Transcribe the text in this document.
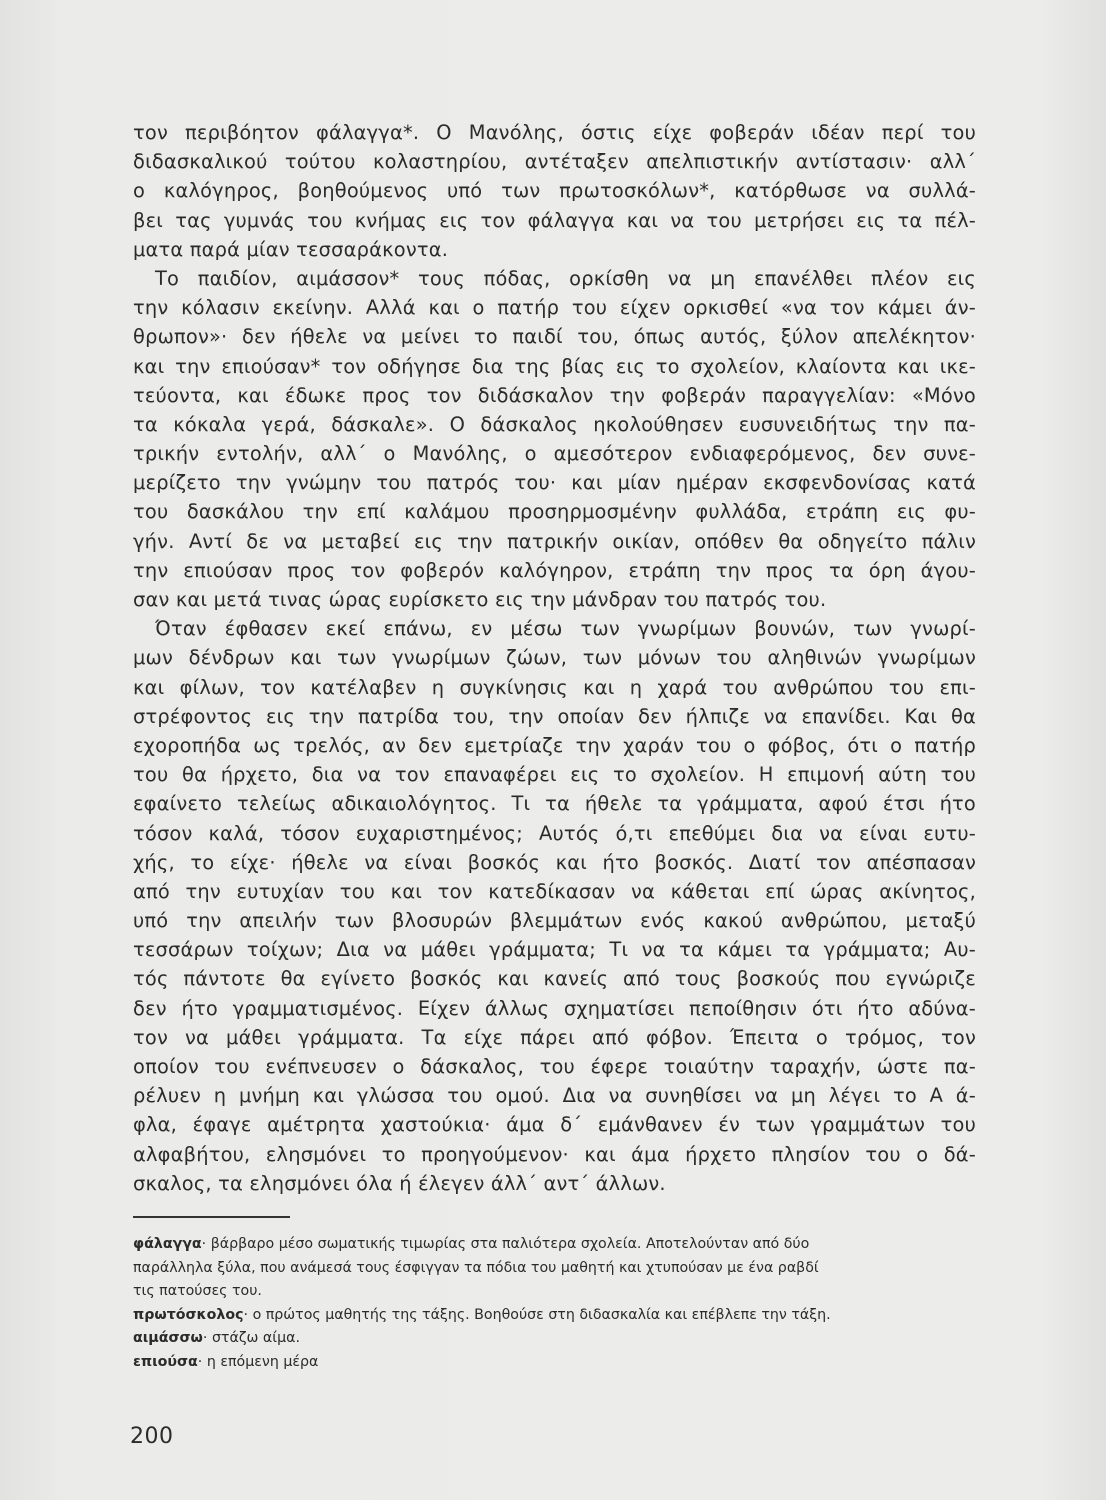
τον περιβόητον φάλαγγα*. Ο Μανόλης, όστις είχε φοβεράν ιδέαν περί του
διδασκαλικού τούτου κολαστηρίου, αντέταξεν απελπιστικήν αντίστασιν· αλλ΄
ο καλόγηρος, βοηθούμενος υπό των πρωτοσκόλων*, κατόρθωσε να συλλά-
βει τας γυμνάς του κνήμας εις τον φάλαγγα και να του μετρήσει εις τα πέλ-
ματα παρά μίαν τεσσαράκοντα.
Το παιδίον, αιμάσσον* τους πόδας, ορκίσθη να μη επανέλθει πλέον εις
την κόλασιν εκείνην. Αλλά και ο πατήρ του είχεν ορκισθεί «να τον κάμει άν-
θρωπον»· δεν ήθελε να μείνει το παιδί του, όπως αυτός, ξύλον απελέκητον·
και την επιούσαν* τον οδήγησε δια της βίας εις το σχολείον, κλαίοντα και ικε-
τεύοντα, και έδωκε προς τον διδάσκαλον την φοβεράν παραγγελίαν: «Μόνο
τα κόκαλα γερά, δάσκαλε». Ο δάσκαλος ηκολούθησεν ευσυνειδήτως την πα-
τρικήν εντολήν, αλλ΄ ο Μανόλης, ο αμεσότερον ενδιαφερόμενος, δεν συνε-
μερίζετο την γνώμην του πατρός του· και μίαν ημέραν εκσφενδονίσας κατά
του δασκάλου την επί καλάμου προσηρμοσμένην φυλλάδα, ετράπη εις φυ-
γήν. Αντί δε να μεταβεί εις την πατρικήν οικίαν, οπόθεν θα οδηγείτο πάλιν
την επιούσαν προς τον φοβερόν καλόγηρον, ετράπη την προς τα όρη άγου-
σαν και μετά τινας ώρας ευρίσκετο εις την μάνδραν του πατρός του.
Όταν έφθασεν εκεί επάνω, εν μέσω των γνωρίμων βουνών, των γνωρί-
μων δένδρων και των γνωρίμων ζώων, των μόνων του αληθινών γνωρίμων
και φίλων, τον κατέλαβεν η συγκίνησις και η χαρά του ανθρώπου του επι-
στρέφοντος εις την πατρίδα του, την οποίαν δεν ήλπιζε να επανίδει. Και θα
εχοροπήδα ως τρελός, αν δεν εμετρίαζε την χαράν του ο φόβος, ότι ο πατήρ
του θα ήρχετο, δια να τον επαναφέρει εις το σχολείον. Η επιμονή αύτη του
εφαίνετο τελείως αδικαιολόγητος. Τι τα ήθελε τα γράμματα, αφού έτσι ήτο
τόσον καλά, τόσον ευχαριστημένος; Αυτός ό,τι επεθύμει δια να είναι ευτυ-
χής, το είχε· ήθελε να είναι βοσκός και ήτο βοσκός. Διατί τον απέσπασαν
από την ευτυχίαν του και τον κατεδίκασαν να κάθεται επί ώρας ακίνητος,
υπό την απειλήν των βλοσυρών βλεμμάτων ενός κακού ανθρώπου, μεταξύ
τεσσάρων τοίχων; Δια να μάθει γράμματα; Τι να τα κάμει τα γράμματα; Αυ-
τός πάντοτε θα εγίνετο βοσκός και κανείς από τους βοσκούς που εγνώριζε
δεν ήτο γραμματισμένος. Είχεν άλλως σχηματίσει πεποίθησιν ότι ήτο αδύνα-
τον να μάθει γράμματα. Τα είχε πάρει από φόβον. Έπειτα ο τρόμος, τον
οποίον του ενέπνευσεν ο δάσκαλος, του έφερε τοιαύτην ταραχήν, ώστε πα-
ρέλυεν η μνήμη και γλώσσα του ομού. Δια να συνηθίσει να μη λέγει το Α ά-
φλα, έφαγε αμέτρητα χαστούκια· άμα δ΄ εμάνθανεν έν των γραμμάτων του
αλφαβήτου, ελησμόνει το προηγούμενον· και άμα ήρχετο πλησίον του ο δά-
σκαλος, τα ελησμόνει όλα ή έλεγεν άλλ΄ αντ΄ άλλων.
φάλαγγα· βάρβαρο μέσο σωματικής τιμωρίας στα παλιότερα σχολεία. Αποτελούνταν από δύο
παράλληλα ξύλα, που ανάμεσά τους έσφιγγαν τα πόδια του μαθητή και χτυπούσαν με ένα ραβδί
τις πατούσες του.
πρωτόσκολος· ο πρώτος μαθητής της τάξης. Βοηθούσε στη διδασκαλία και επέβλεπε την τάξη.
αιμάσσω· στάζω αίμα.
επιούσα· η επόμενη μέρα
200
